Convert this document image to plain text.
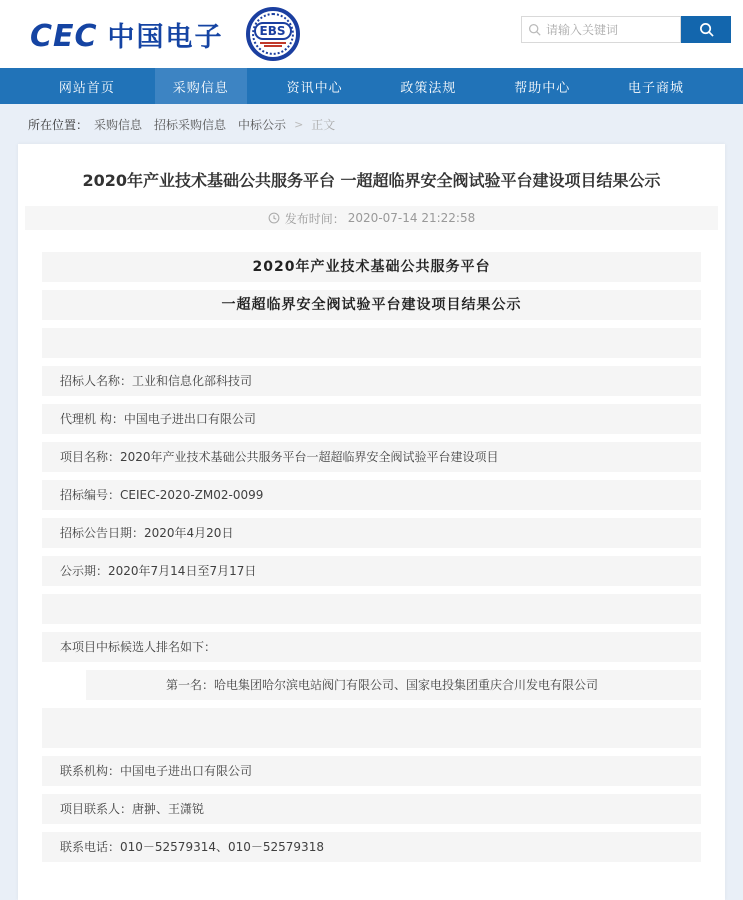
CEC 中国电子	EBS
请输入关键词
网站首页	采购信息	资讯中心	政策法规	帮助中心	电子商城
所在位置： 采购信息 招标采购信息 中标公示 > 正文
2020年产业技术基础公共服务平台 一超超临界安全阀试验平台建设项目结果公示
发布时间： 2020-07-14 21:22:58
2020年产业技术基础公共服务平台
一超超临界安全阀试验平台建设项目结果公示
招标人名称：工业和信息化部科技司
代理机 构：中国电子进出口有限公司
项目名称：2020年产业技术基础公共服务平台一超超临界安全阀试验平台建设项目
招标编号：CEIEC-2020-ZM02-0099
招标公告日期：2020年4月20日
公示期：2020年7月14日至7月17日
本项目中标候选人排名如下：
第一名：哈电集团哈尔滨电站阀门有限公司、国家电投集团重庆合川发电有限公司
联系机构：中国电子进出口有限公司
项目联系人：唐翀、王潇锐
联系电话：010－52579314、010－52579318
